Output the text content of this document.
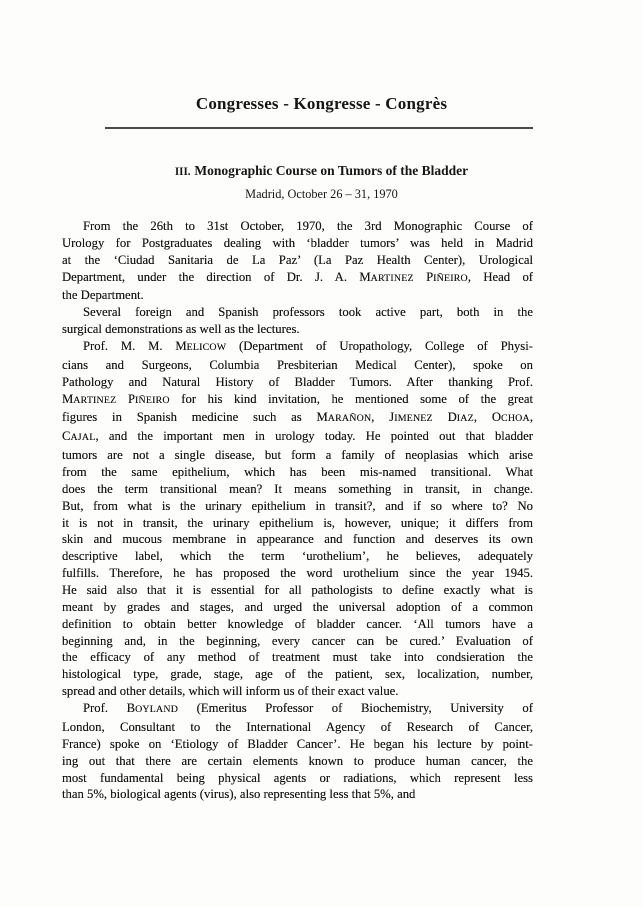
Congresses - Kongresse - Congrès
III. Monographic Course on Tumors of the Bladder
Madrid, October 26 – 31, 1970
From the 26th to 31st October, 1970, the 3rd Monographic Course of
Urology for Postgraduates dealing with ‘bladder tumors’ was held in Madrid
at the ‘Ciudad Sanitaria de La Paz’ (La Paz Health Center), Urological
Department, under the direction of Dr. J. A. MARTINEZ PIÑEIRO, Head of
the Department.
Several foreign and Spanish professors took active part, both in the
surgical demonstrations as well as the lectures.
Prof. M. M. MELICOW (Department of Uropathology, College of Physi-
cians and Surgeons, Columbia Presbiterian Medical Center), spoke on
Pathology and Natural History of Bladder Tumors. After thanking Prof.
MARTINEZ PIÑEIRO for his kind invitation, he mentioned some of the great
figures in Spanish medicine such as MARAÑON, JIMENEZ DIAZ, OCHOA,
CAJAL, and the important men in urology today. He pointed out that bladder
tumors are not a single disease, but form a family of neoplasias which arise
from the same epithelium, which has been mis-named transitional. What
does the term transitional mean? It means something in transit, in change.
But, from what is the urinary epithelium in transit?, and if so where to? No
it is not in transit, the urinary epithelium is, however, unique; it differs from
skin and mucous membrane in appearance and function and deserves its own
descriptive label, which the term ‘urothelium’, he believes, adequately
fulfills. Therefore, he has proposed the word urothelium since the year 1945.
He said also that it is essential for all pathologists to define exactly what is
meant by grades and stages, and urged the universal adoption of a common
definition to obtain better knowledge of bladder cancer. ‘All tumors have a
beginning and, in the beginning, every cancer can be cured.’ Evaluation of
the efficacy of any method of treatment must take into condsieration the
histological type, grade, stage, age of the patient, sex, localization, number,
spread and other details, which will inform us of their exact value.
Prof. BOYLAND (Emeritus Professor of Biochemistry, University of
London, Consultant to the International Agency of Research of Cancer,
France) spoke on ‘Etiology of Bladder Cancer’. He began his lecture by point-
ing out that there are certain elements known to produce human cancer, the
most fundamental being physical agents or radiations, which represent less
than 5%, biological agents (virus), also representing less that 5%, and
